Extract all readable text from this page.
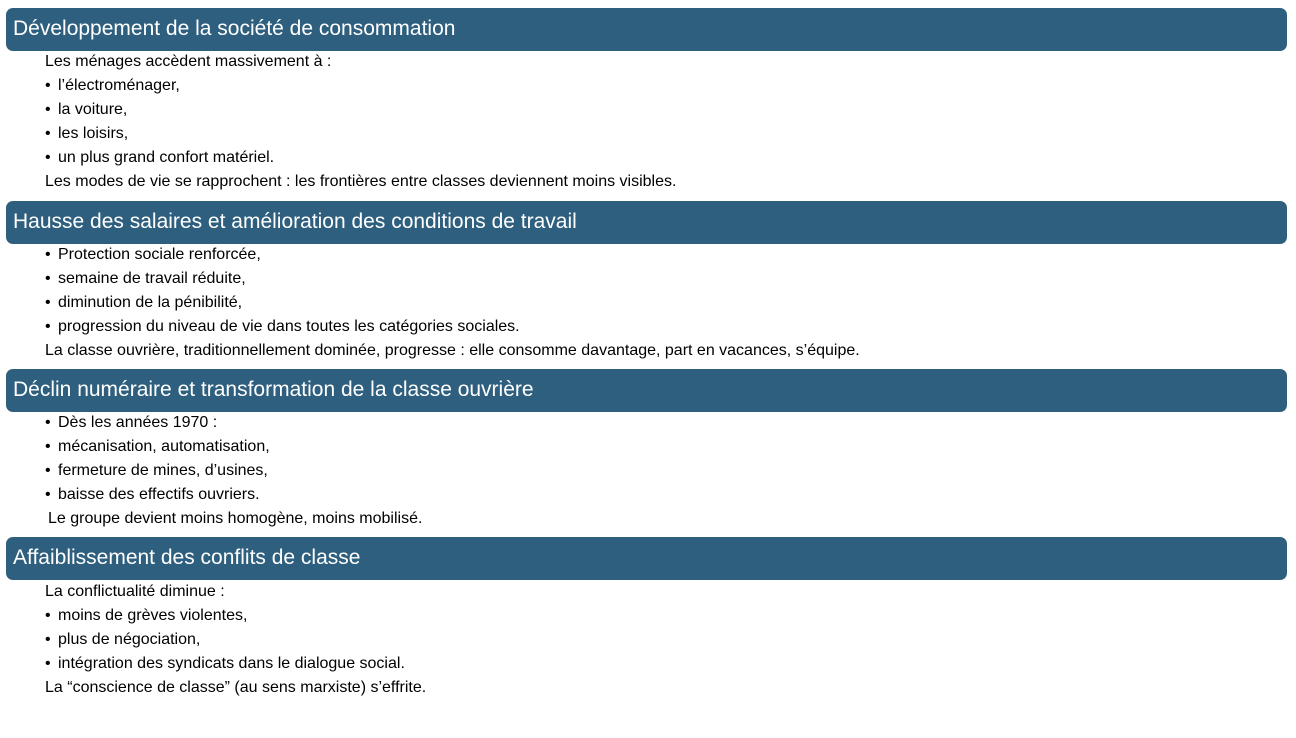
Développement de la société de consommation
Les ménages accèdent massivement à :
• l’électroménager,
• la voiture,
• les loisirs,
• un plus grand confort matériel.
Les modes de vie se rapprochent : les frontières entre classes deviennent moins visibles.
Hausse des salaires et amélioration des conditions de travail
• Protection sociale renforcée,
• semaine de travail réduite,
• diminution de la pénibilité,
• progression du niveau de vie dans toutes les catégories sociales.
La classe ouvrière, traditionnellement dominée, progresse : elle consomme davantage, part en vacances, s’équipe.
Déclin numéraire et transformation de la classe ouvrière
• Dès les années 1970 :
• mécanisation, automatisation,
• fermeture de mines, d’usines,
• baisse des effectifs ouvriers.
Le groupe devient moins homogène, moins mobilisé.
Affaiblissement des conflits de classe
La conflictualité diminue :
• moins de grèves violentes,
• plus de négociation,
• intégration des syndicats dans le dialogue social.
La “conscience de classe” (au sens marxiste) s’effrite.
